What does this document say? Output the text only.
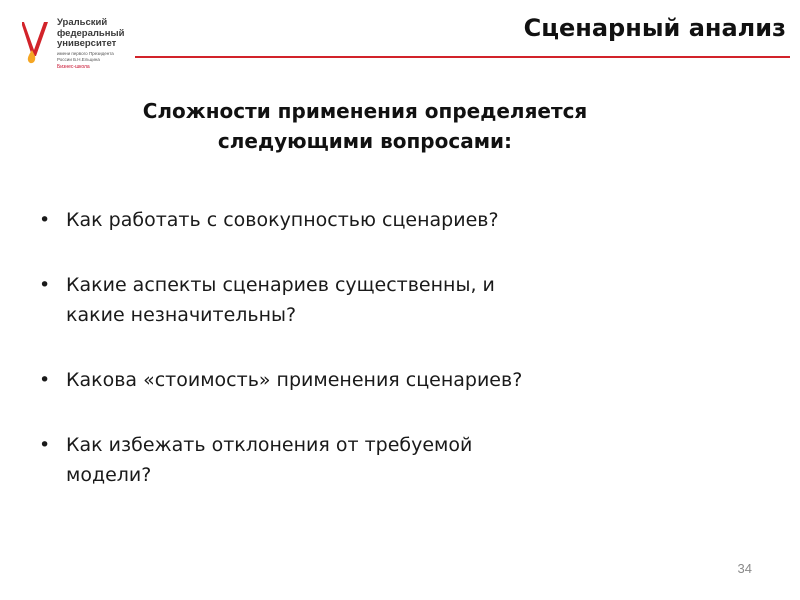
Уральский
федеральный
университет
имени первого Президента
России Б.Н.Ельцина
Бизнес-школа
Сценарный анализ
Сложности применения определяется
следующими вопросами:
• Как работать с совокупностью сценариев?
• Какие аспекты сценариев существенны, и
какие незначительны?
• Какова «стоимость» применения сценариев?
• Как избежать отклонения от требуемой
модели?
34
